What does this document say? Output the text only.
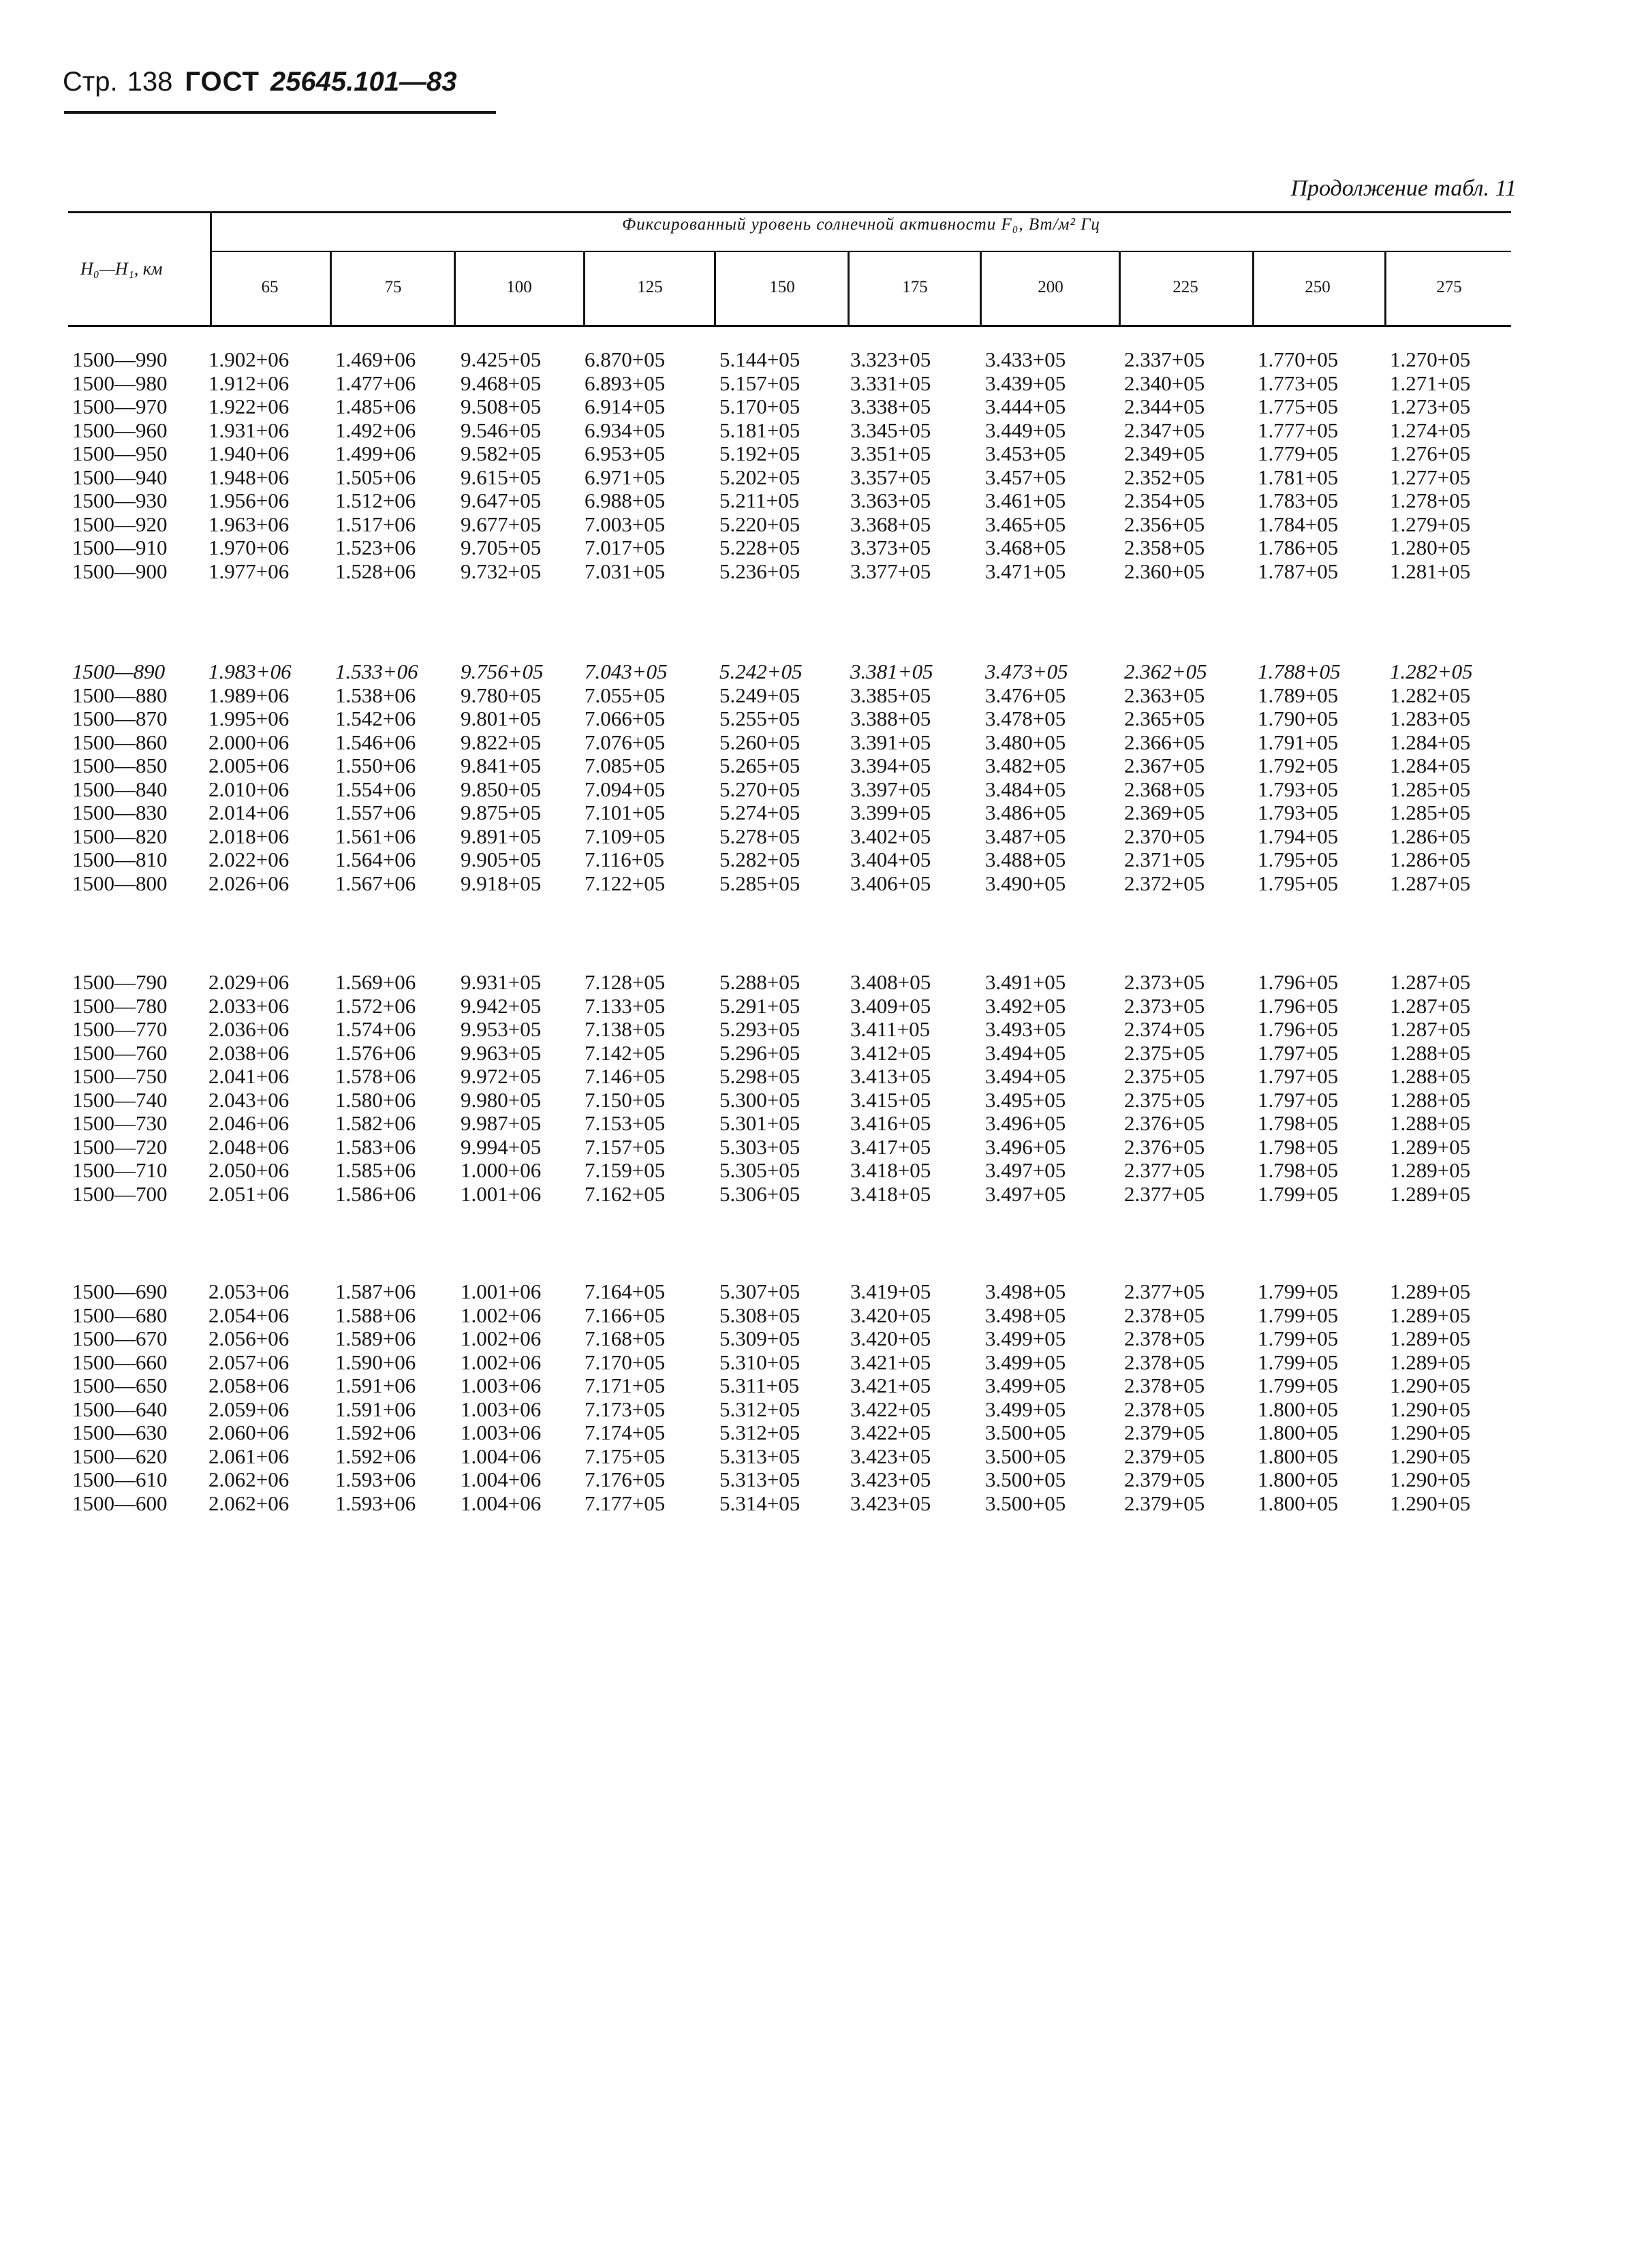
Стр. 138 ГОСТ 25645.101—83
Продолжение табл. 11
H₀—H₁, км
Фиксированный уровень солнечной активности F₀, Вт/м² Гц
65	75	100	125	150	175	200	225	250	275
1500—990 1.902+06 1.469+06 9.425+05 6.870+05	5.144+05 3.323+05	3.433+05	2.337+05	1.770+05 1.270+05
1500—980 1.912+06 1.477+06 9.468+05 6.893+05	5.157+05 3.331+05	3.439+05	2.340+05	1.773+05 1.271+05
1500—970 1.922+06 1.485+06 9.508+05 6.914+05	5.170+05 3.338+05	3.444+05	2.344+05	1.775+05 1.273+05
1500—960 1.931+06 1.492+06 9.546+05 6.934+05	5.181+05 3.345+05	3.449+05	2.347+05	1.777+05 1.274+05
1500—950 1.940+06 1.499+06 9.582+05 6.953+05	5.192+05 3.351+05	3.453+05	2.349+05	1.779+05 1.276+05
1500—940 1.948+06 1.505+06 9.615+05 6.971+05	5.202+05 3.357+05	3.457+05	2.352+05	1.781+05 1.277+05
1500—930 1.956+06 1.512+06 9.647+05 6.988+05	5.211+05 3.363+05	3.461+05	2.354+05	1.783+05 1.278+05
1500—920 1.963+06 1.517+06 9.677+05 7.003+05	5.220+05 3.368+05	3.465+05	2.356+05	1.784+05 1.279+05
1500—910 1.970+06 1.523+06 9.705+05 7.017+05	5.228+05 3.373+05	3.468+05	2.358+05	1.786+05 1.280+05
1500—900 1.977+06 1.528+06 9.732+05 7.031+05	5.236+05 3.377+05	3.471+05	2.360+05	1.787+05 1.281+05
1500—890 1.983+06 1.533+06 9.756+05 7.043+05 5.242+05 3.381+05 3.473+05	2.362+05 1.788+05 1.282+05
1500—880 1.989+06 1.538+06 9.780+05 7.055+05	5.249+05 3.385+05	3.476+05	2.363+05	1.789+05 1.282+05
1500—870 1.995+06 1.542+06 9.801+05 7.066+05	5.255+05 3.388+05	3.478+05	2.365+05	1.790+05 1.283+05
1500—860 2.000+06 1.546+06 9.822+05 7.076+05	5.260+05 3.391+05	3.480+05	2.366+05	1.791+05 1.284+05
1500—850 2.005+06 1.550+06 9.841+05 7.085+05	5.265+05 3.394+05	3.482+05	2.367+05	1.792+05 1.284+05
1500—840 2.010+06 1.554+06 9.850+05 7.094+05	5.270+05 3.397+05	3.484+05	2.368+05	1.793+05 1.285+05
1500—830 2.014+06 1.557+06 9.875+05 7.101+05	5.274+05 3.399+05	3.486+05	2.369+05	1.793+05 1.285+05
1500—820 2.018+06 1.561+06 9.891+05 7.109+05	5.278+05 3.402+05	3.487+05	2.370+05	1.794+05 1.286+05
1500—810 2.022+06 1.564+06 9.905+05 7.116+05	5.282+05 3.404+05	3.488+05	2.371+05	1.795+05 1.286+05
1500—800 2.026+06 1.567+06 9.918+05 7.122+05	5.285+05 3.406+05	3.490+05	2.372+05	1.795+05 1.287+05
1500—790 2.029+06 1.569+06 9.931+05 7.128+05	5.288+05 3.408+05	3.491+05	2.373+05	1.796+05 1.287+05
1500—780 2.033+06 1.572+06 9.942+05 7.133+05	5.291+05 3.409+05	3.492+05	2.373+05	1.796+05 1.287+05
1500—770 2.036+06 1.574+06 9.953+05 7.138+05	5.293+05 3.411+05	3.493+05	2.374+05	1.796+05 1.287+05
1500—760 2.038+06 1.576+06 9.963+05 7.142+05	5.296+05 3.412+05	3.494+05	2.375+05	1.797+05 1.288+05
1500—750 2.041+06 1.578+06 9.972+05 7.146+05	5.298+05 3.413+05	3.494+05	2.375+05	1.797+05 1.288+05
1500—740 2.043+06 1.580+06 9.980+05 7.150+05	5.300+05 3.415+05	3.495+05	2.375+05	1.797+05 1.288+05
1500—730 2.046+06 1.582+06 9.987+05 7.153+05	5.301+05 3.416+05	3.496+05	2.376+05	1.798+05 1.288+05
1500—720 2.048+06 1.583+06 9.994+05 7.157+05	5.303+05 3.417+05	3.496+05	2.376+05	1.798+05 1.289+05
1500—710 2.050+06 1.585+06 1.000+06 7.159+05	5.305+05 3.418+05	3.497+05	2.377+05	1.798+05 1.289+05
1500—700 2.051+06 1.586+06 1.001+06 7.162+05	5.306+05 3.418+05	3.497+05	2.377+05	1.799+05 1.289+05
1500—690 2.053+06 1.587+06 1.001+06 7.164+05	5.307+05 3.419+05	3.498+05	2.377+05	1.799+05 1.289+05
1500—680 2.054+06 1.588+06 1.002+06 7.166+05	5.308+05 3.420+05	3.498+05	2.378+05	1.799+05 1.289+05
1500—670 2.056+06 1.589+06 1.002+06 7.168+05	5.309+05 3.420+05	3.499+05	2.378+05	1.799+05 1.289+05
1500—660 2.057+06 1.590+06 1.002+06 7.170+05	5.310+05 3.421+05	3.499+05	2.378+05	1.799+05 1.289+05
1500—650 2.058+06 1.591+06 1.003+06 7.171+05	5.311+05 3.421+05	3.499+05	2.378+05	1.799+05 1.290+05
1500—640 2.059+06 1.591+06 1.003+06 7.173+05	5.312+05 3.422+05	3.499+05	2.378+05	1.800+05 1.290+05
1500—630 2.060+06 1.592+06 1.003+06 7.174+05	5.312+05 3.422+05	3.500+05	2.379+05	1.800+05 1.290+05
1500—620 2.061+06 1.592+06 1.004+06 7.175+05	5.313+05 3.423+05	3.500+05	2.379+05	1.800+05 1.290+05
1500—610 2.062+06 1.593+06 1.004+06 7.176+05	5.313+05 3.423+05	3.500+05	2.379+05	1.800+05 1.290+05
1500—600 2.062+06 1.593+06 1.004+06 7.177+05	5.314+05 3.423+05	3.500+05	2.379+05	1.800+05 1.290+05
